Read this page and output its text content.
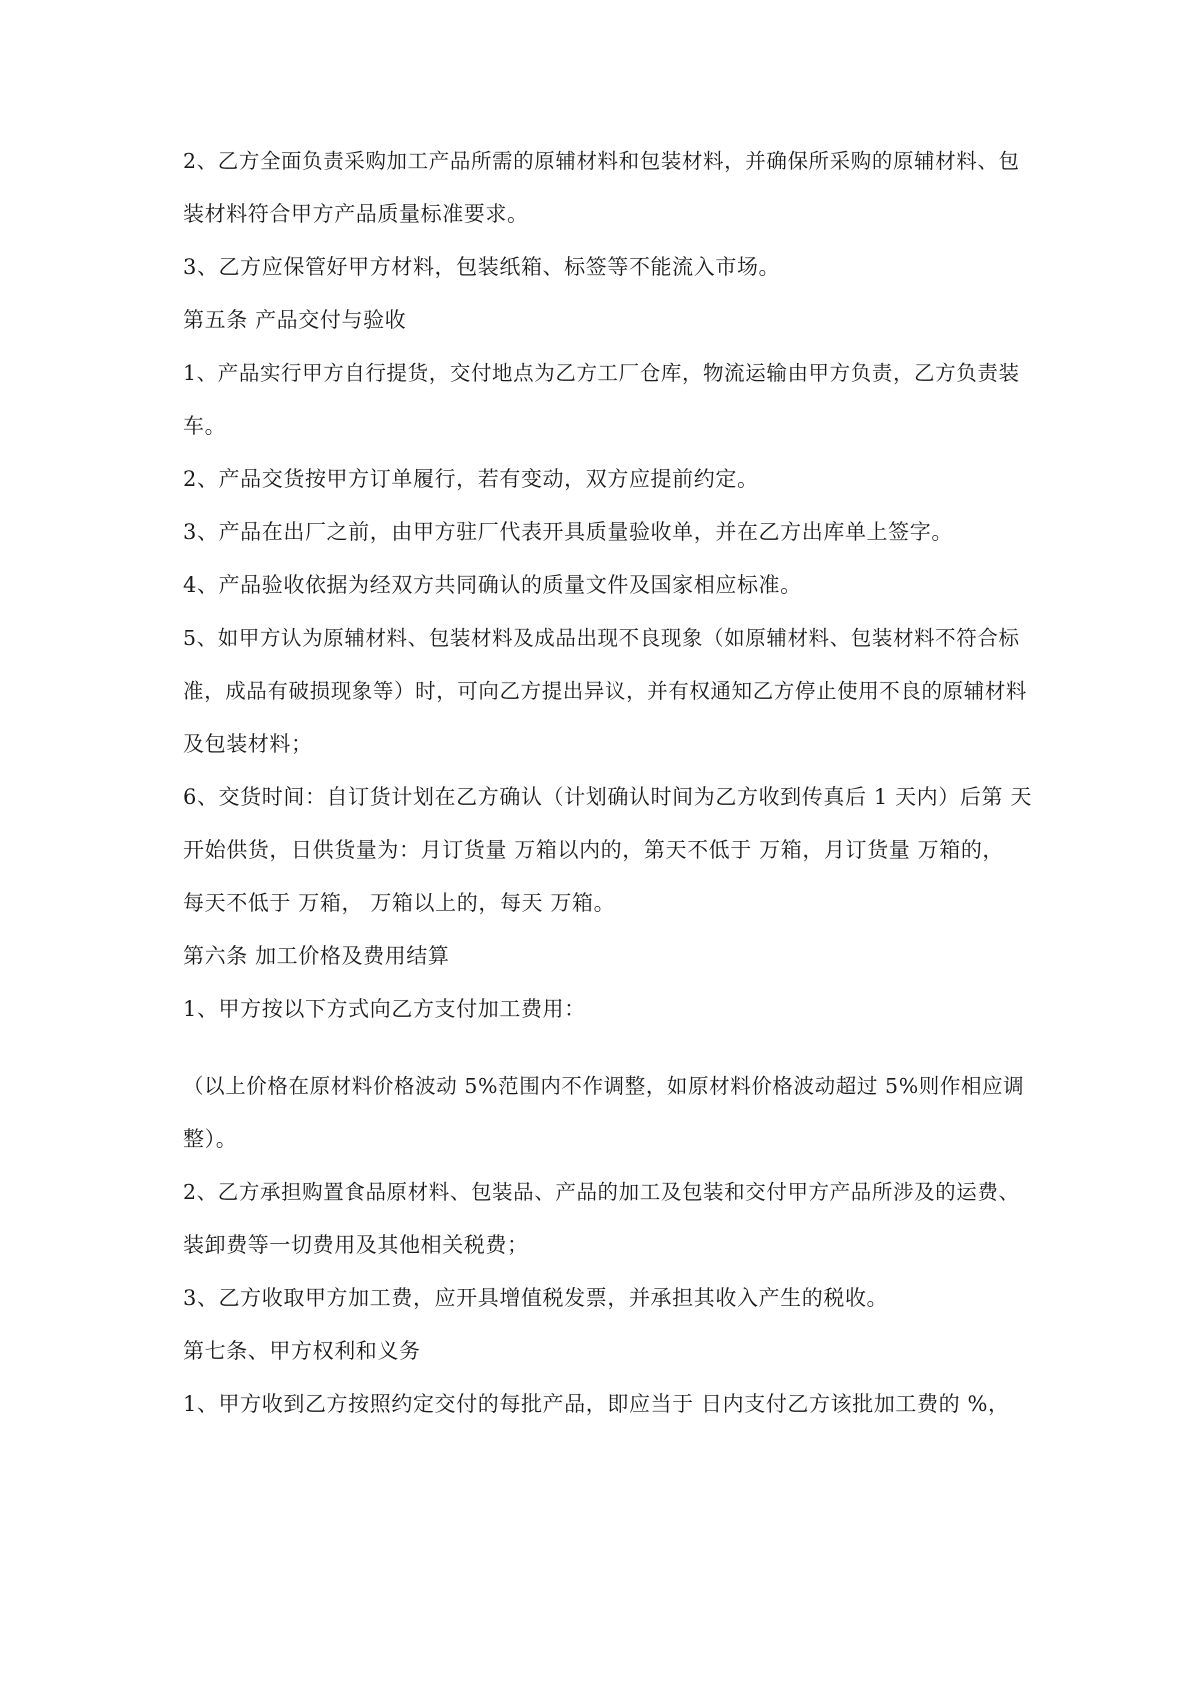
2、乙方全面负责采购加工产品所需的原辅材料和包装材料，并确保所采购的原辅材料、包
装材料符合甲方产品质量标准要求。
3、乙方应保管好甲方材料，包装纸箱、标签等不能流入市场。
第五条 产品交付与验收
1、产品实行甲方自行提货，交付地点为乙方工厂仓库，物流运输由甲方负责，乙方负责装
车。
2、产品交货按甲方订单履行，若有变动，双方应提前约定。
3、产品在出厂之前，由甲方驻厂代表开具质量验收单，并在乙方出库单上签字。
4、产品验收依据为经双方共同确认的质量文件及国家相应标准。
5、如甲方认为原辅材料、包装材料及成品出现不良现象（如原辅材料、包装材料不符合标
准，成品有破损现象等）时，可向乙方提出异议，并有权通知乙方停止使用不良的原辅材料
及包装材料；
6、交货时间：自订货计划在乙方确认（计划确认时间为乙方收到传真后 1 天内）后第 天
开始供货，日供货量为：月订货量 万箱以内的，第天不低于 万箱，月订货量 万箱的，
每天不低于 万箱， 万箱以上的，每天 万箱。
第六条 加工价格及费用结算
1、甲方按以下方式向乙方支付加工费用：
（以上价格在原材料价格波动 5%范围内不作调整，如原材料价格波动超过 5%则作相应调
整）。
2、乙方承担购置食品原材料、包装品、产品的加工及包装和交付甲方产品所涉及的运费、
装卸费等一切费用及其他相关税费；
3、乙方收取甲方加工费，应开具增值税发票，并承担其收入产生的税收。
第七条、甲方权利和义务
1、甲方收到乙方按照约定交付的每批产品，即应当于 日内支付乙方该批加工费的 %，
